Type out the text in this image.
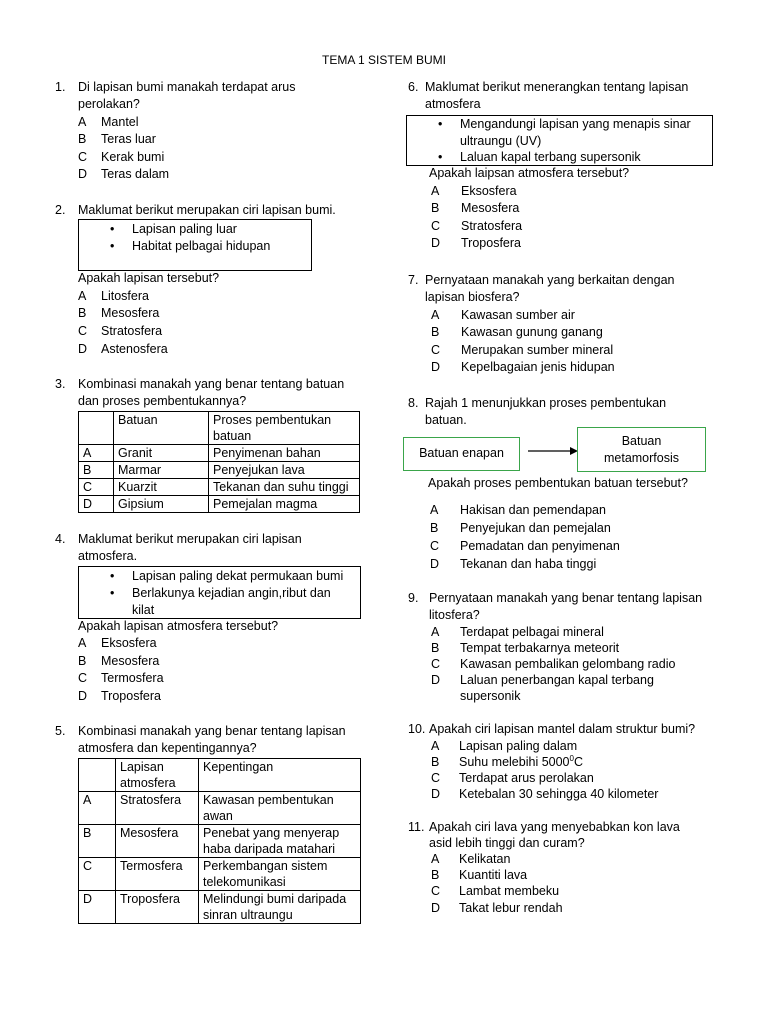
TEMA 1 SISTEM BUMI
1. Di lapisan bumi manakah terdapat arus
perolakan?
A Mantel
B Teras luar
C Kerak bumi
D Teras dalam
2. Maklumat berikut merupakan ciri lapisan bumi.
• Lapisan paling luar
• Habitat pelbagai hidupan
Apakah lapisan tersebut?
A Litosfera
B Mesosfera
C Stratosfera
D Astenosfera
3. Kombinasi manakah yang benar tentang batuan
dan proses pembentukannya?
	Batuan	Proses pembentukan batuan
A	Granit	Penyimenan bahan
B	Marmar	Penyejukan lava
C	Kuarzit	Tekanan dan suhu tinggi
D	Gipsium	Pemejalan magma
4. Maklumat berikut merupakan ciri lapisan
atmosfera.
• Lapisan paling dekat permukaan bumi
• Berlakunya kejadian angin,ribut dan kilat
Apakah lapisan atmosfera tersebut?
A Eksosfera
B Mesosfera
C Termosfera
D Troposfera
5. Kombinasi manakah yang benar tentang lapisan
atmosfera dan kepentingannya?
	Lapisan atmosfera	Kepentingan
A	Stratosfera	Kawasan pembentukan awan
B	Mesosfera	Penebat yang menyerap haba daripada matahari
C	Termosfera	Perkembangan sistem telekomunikasi
D	Troposfera	Melindungi bumi daripada sinran ultraungu
6. Maklumat berikut menerangkan tentang lapisan
atmosfera
• Mengandungi lapisan yang menapis sinar ultraungu (UV)
• Laluan kapal terbang supersonik
Apakah laipsan atmosfera tersebut?
A Eksosfera
B Mesosfera
C Stratosfera
D Troposfera
7. Pernyataan manakah yang berkaitan dengan
lapisan biosfera?
A Kawasan sumber air
B Kawasan gunung ganang
C Merupakan sumber mineral
D Kepelbagaian jenis hidupan
8. Rajah 1 menunjukkan proses pembentukan
batuan.
Batuan enapan
Batuan
metamorfosis
Apakah proses pembentukan batuan tersebut?
A Hakisan dan pemendapan
B Penyejukan dan pemejalan
C Pemadatan dan penyimenan
D Tekanan dan haba tinggi
9. Pernyataan manakah yang benar tentang lapisan
litosfera?
A Terdapat pelbagai mineral
B Tempat terbakarnya meteorit
C Kawasan pembalikan gelombang radio
D Laluan penerbangan kapal terbang
supersonik
10. Apakah ciri lapisan mantel dalam struktur bumi?
A Lapisan paling dalam
B Suhu melebihi 5000$^0$C
C Terdapat arus perolakan
D Ketebalan 30 sehingga 40 kilometer
11. Apakah ciri lava yang menyebabkan kon lava
asid lebih tinggi dan curam?
A Kelikatan
B Kuantiti lava
C Lambat membeku
D Takat lebur rendah
